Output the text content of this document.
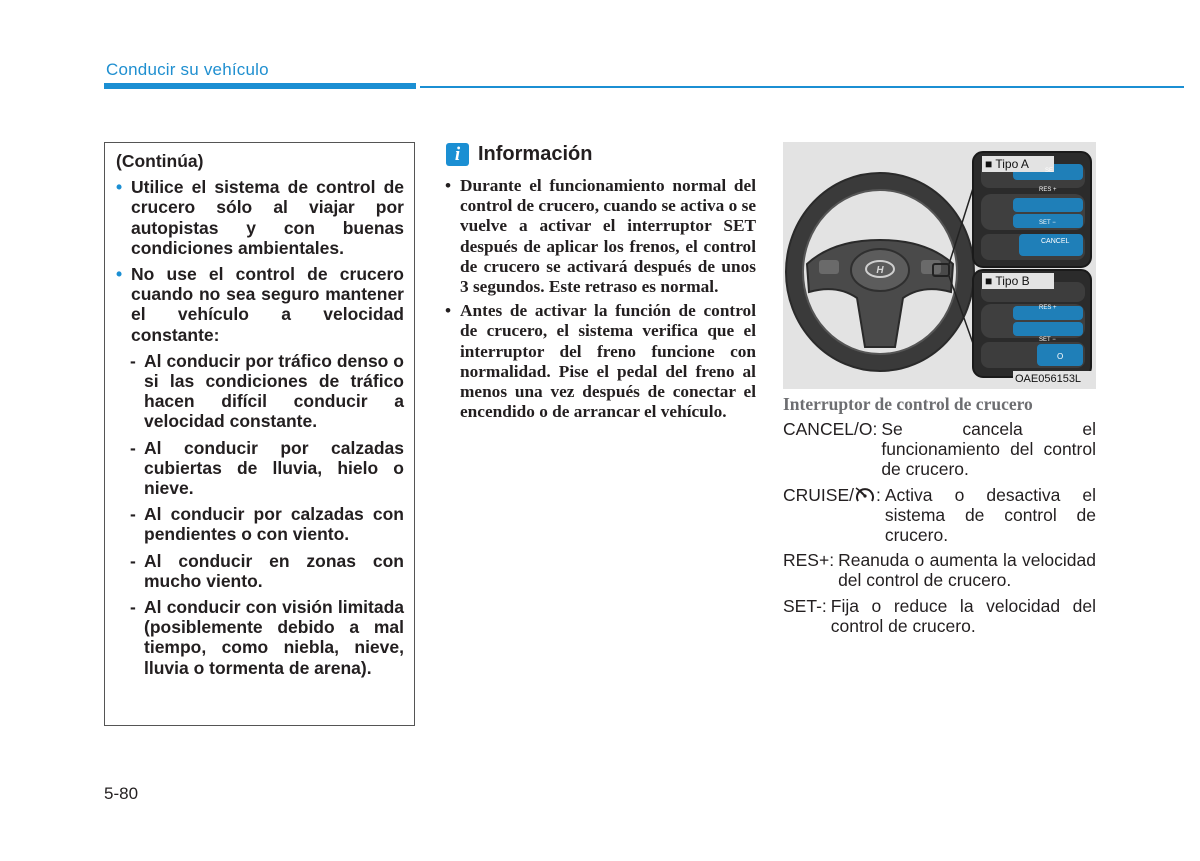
Conducir su vehículo
(Continúa)
• Utilice el sistema de control de crucero sólo al viajar por autopistas y con buenas condiciones ambientales.
• No use el control de crucero cuando no sea seguro mantener el vehículo a velocidad constante:
- Al conducir por tráfico denso o si las condiciones de tráfico hacen difícil conducir a velocidad constante.
- Al conducir por calzadas cubiertas de lluvia, hielo o nieve.
- Al conducir por calzadas con pendientes o con viento.
- Al conducir en zonas con mucho viento.
- Al conducir con visión limitada (posiblemente debido a mal tiempo, como niebla, nieve, lluvia o tormenta de arena).
i Información
• Durante el funcionamiento normal del control de crucero, cuando se activa o se vuelve a activar el interruptor SET después de aplicar los frenos, el control de crucero se activará después de unos 3 segundos. Este retraso es normal.
• Antes de activar la función de control de crucero, el sistema verifica que el interruptor del freno funcione con normalidad. Pise el pedal del freno al menos una vez después de conectar el encendido o de arrancar el vehículo.
H
■ Tipo A	SE
RES +
SET −
CANCEL
■ Tipo B
RES +
SET −
O
OAE056153L
Interruptor de control de crucero
CANCEL/O: Se cancela el funcionamiento del control de crucero.
CRUISE/ : Activa o desactiva el sistema de control de crucero.
RES+: Reanuda o aumenta la velocidad del control de crucero.
SET-: Fija o reduce la velocidad del control de crucero.
5-80
